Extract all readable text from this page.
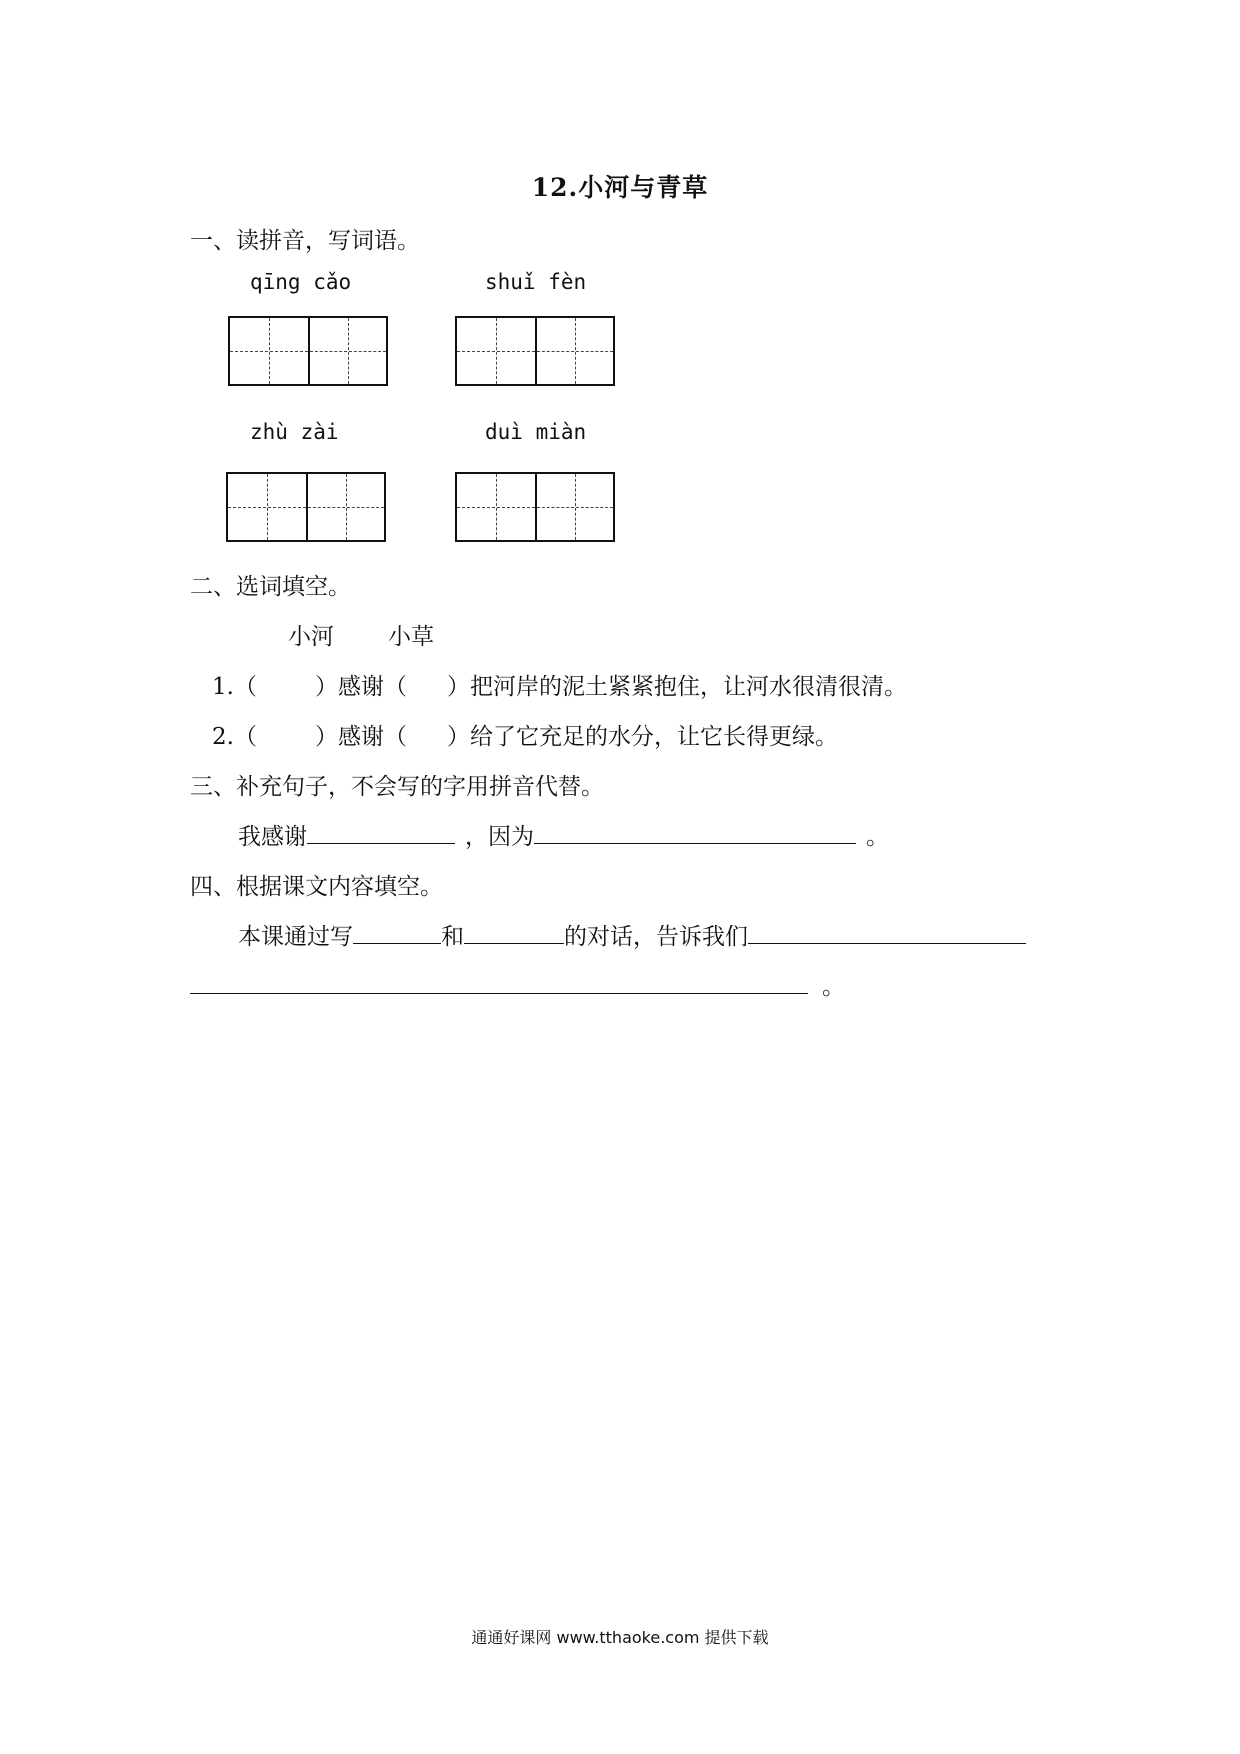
12.小河与青草
一、读拼音，写词语。
qīng cǎo	shuǐ fèn
zhù zài	duì miàn
二、选词填空。
小河 小草
1.（	）感谢（ ）把河岸的泥土紧紧抱住，让河水很清很清。
2.（	）感谢（ ）给了它充足的水分，让它长得更绿。
三、补充句子，不会写的字用拼音代替。
我感谢	，因为	。
四、根据课文内容填空。
本课通过写	和	的对话，告诉我们
。
通通好课网 www.tthaoke.com 提供下载
